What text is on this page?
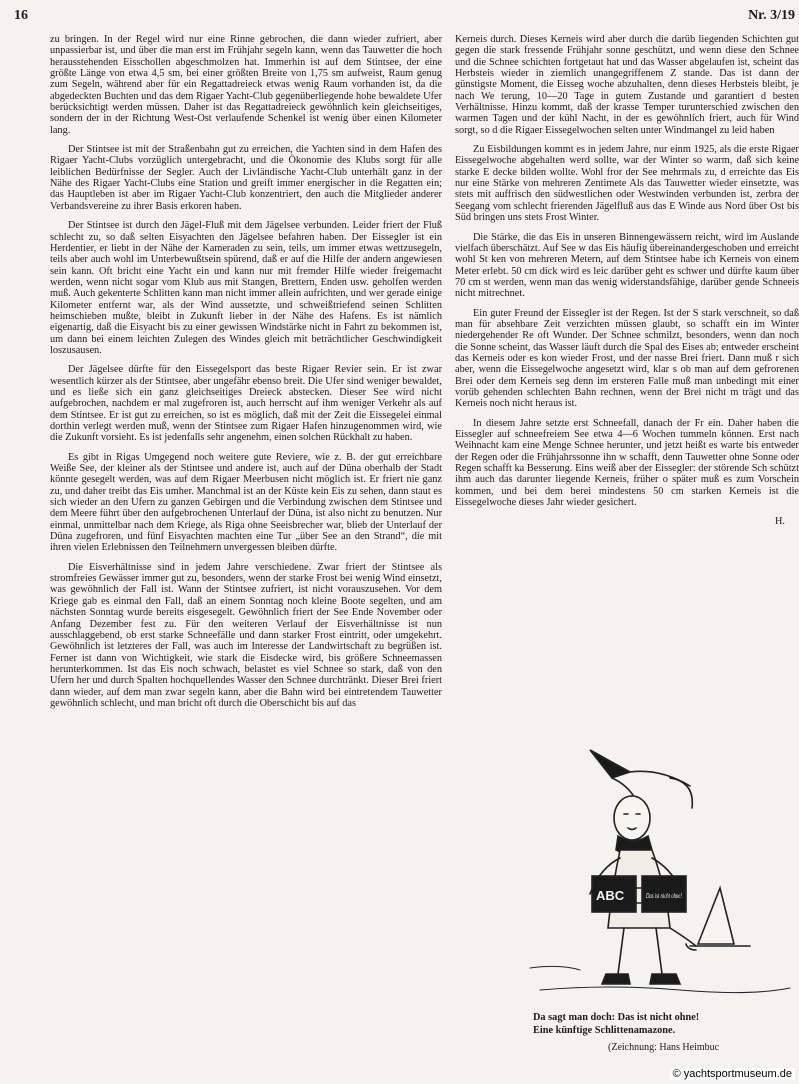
16	Nr. 3/19

zu bringen. In der Regel wird nur eine Rinne gebrochen, die dann wieder zufriert, aber unpassierbar ist, und über die man erst im Frühjahr segeln kann, wenn das Tauwetter die hoch herausstehenden Eisschollen abgeschmolzen hat. Immerhin ist auf dem Stintsee, der eine größte Länge von etwa 4,5 sm, bei einer größten Breite von 1,75 sm aufweist, Raum genug zum Segeln, während aber für ein Regattadreieck etwas wenig Raum vorhanden ist, da die abgedeckten Buchten und das dem Rigaer Yacht-Club gegenüberliegende hohe bewaldete Ufer berücksichtigt werden müssen. Daher ist das Regattadreieck gewöhnlich kein gleichseitiges, sondern der in der Richtung West-Ost verlaufende Schenkel ist wenig über einen Kilometer lang.

Der Stintsee ist mit der Straßenbahn gut zu erreichen, die Yachten sind in dem Hafen des Rigaer Yacht-Clubs vorzüglich untergebracht, und die Ökonomie des Klubs sorgt für alle leiblichen Bedürfnisse der Segler. Auch der Livländische Yacht-Club unterhält ganz in der Nähe des Rigaer Yacht-Clubs eine Station und greift immer energischer in die Regatten ein; das Hauptleben ist aber im Rigaer Yacht-Club konzentriert, den auch die Mitglieder anderer Verbandsvereine zu ihrer Basis erkoren haben.

Der Stintsee ist durch den Jägel-Fluß mit dem Jägelsee verbunden. Leider friert der Fluß schlecht zu, so daß selten Eisyachten den Jägelsee befahren haben. Der Eissegler ist ein Herdentier, er liebt in der Nähe der Kameraden zu sein, teils, um immer etwas wettzusegeln, teils aber auch wohl im Unterbewußtsein spürend, daß er auf die Hilfe der andern angewiesen sein kann. Oft bricht eine Yacht ein und kann nur mit fremder Hilfe wieder freigemacht werden, wenn nicht sogar vom Klub aus mit Stangen, Brettern, Enden usw. geholfen werden muß. Auch gekenterte Schlitten kann man nicht immer allein aufrichten, und wer gerade einige Kilometer entfernt war, als der Wind aussetzte, und schweißtriefend seinen Schlitten heimschieben mußte, bleibt in Zukunft lieber in der Nähe des Hafens. Es ist nämlich eigenartig, daß die Eisyacht bis zu einer gewissen Windstärke nicht in Fahrt zu bekommen ist, um dann bei einem leichten Zulegen des Windes gleich mit beträchtlicher Geschwindigkeit loszusausen.

Der Jägelsee dürfte für den Eissegelsport das beste Rigaer Revier sein. Er ist zwar wesentlich kürzer als der Stintsee, aber ungefähr ebenso breit. Die Ufer sind weniger bewaldet, und es ließe sich ein ganz gleichseitiges Dreieck abstecken. Dieser See wird nicht aufgebrochen, nachdem er mal zugefroren ist, auch herrscht auf ihm weniger Verkehr als auf dem Stintsee. Er ist gut zu erreichen, so ist es möglich, daß mit der Zeit die Eissegelei einmal dorthin verlegt werden muß, wenn der Stintsee zum Rigaer Hafen hinzugenommen wird, wie die Zukunft vorsieht. Es ist jedenfalls sehr angenehm, einen solchen Rückhalt zu haben.

Es gibt in Rigas Umgegend noch weitere gute Reviere, wie z. B. der gut erreichbare Weiße See, der kleiner als der Stintsee und andere ist, auch auf der Düna oberhalb der Stadt könnte gesegelt werden, was auf dem Rigaer Meerbusen nicht möglich ist. Er friert nie ganz zu, und daher treibt das Eis umher. Manchmal ist an der Küste kein Eis zu sehen, dann staut es sich wieder an den Ufern zu ganzen Gebirgen und die Verbindung zwischen dem Stintsee und dem Meere führt über den aufgebrochenen Unterlauf der Düna, ist also nicht zu benutzen. Nur einmal, unmittelbar nach dem Kriege, als Riga ohne Seeisbrecher war, blieb der Unterlauf der Düna zugefroren, und fünf Eisyachten machten eine Tur „über See an den Strand“, die mit ihren vielen Erlebnissen den Teilnehmern unvergessen bleiben dürfte.

Die Eisverhältnisse sind in jedem Jahre verschiedene. Zwar friert der Stintsee als stromfreies Gewässer immer gut zu, besonders, wenn der starke Frost bei wenig Wind einsetzt, was gewöhnlich der Fall ist. Wann der Stintsee zufriert, ist nicht vorauszusehen. Vor dem Kriege gab es einmal den Fall, daß an einem Sonntag noch kleine Boote segelten, und am nächsten Sonntag wurde bereits eisgesegelt. Gewöhnlich friert der See Ende November oder Anfang Dezember fest zu. Für den weiteren Verlauf der Eisverhältnisse ist nun ausschlaggebend, ob erst starke Schneefälle und dann starker Frost eintritt, oder umgekehrt. Gewöhnlich ist letzteres der Fall, was auch im Interesse der Landwirtschaft zu begrüßen ist. Ferner ist dann von Wichtigkeit, wie stark die Eisdecke wird, bis größere Schneemassen herunterkommen. Ist das Eis noch schwach, belastet es viel Schnee so stark, daß von den Ufern her und durch Spalten hochquellendes Wasser den Schnee durchtränkt. Dieser Brei friert dann wieder, auf dem man zwar segeln kann, aber die Bahn wird bei eintretendem Tauwetter gewöhnlich schlecht, und man bricht oft durch die Oberschicht bis auf das

Kerneis durch. Dieses Kerneis wird aber durch die darüb liegenden Schichten gut gegen die stark fressende Frühjahr sonne geschützt, und wenn diese den Schnee und die Schnee schichten fortgetaut hat und das Wasser abgelaufen ist, scheint das Herbsteis wieder in ziemlich unangegriffenem Z stande. Das ist dann der günstigste Moment, die Eisseg woche abzuhalten, denn dieses Herbsteis bleibt, je nach We terung, 10—20 Tage in gutem Zustande und garantiert d besten Verhältnisse. Hinzu kommt, daß der krasse Temper turunterschied zwischen den warmen Tagen und der kühl Nacht, in der es gewöhnlich friert, auch für Wind sorgt, so d die Rigaer Eissegelwochen selten unter Windmangel zu leid haben

Zu Eisbildungen kommt es in jedem Jahre, nur einm 1925, als die erste Rigaer Eissegelwoche abgehalten werd sollte, war der Winter so warm, daß sich keine starke E decke bilden wollte. Wohl fror der See mehrmals zu, d erreichte das Eis nur eine Stärke von mehreren Zentimete Als das Tauwetter wieder einsetzte, was stets mit auffrisch den südwestlichen oder Westwinden verbunden ist, zerbra der Seegang vom schlecht frierenden Jägelfluß aus das E Winde aus Nord über Ost bis Süd bringen uns stets Frost Winter.

Die Stärke, die das Eis in unseren Binnengewässern reicht, wird im Auslande vielfach überschätzt. Auf See w das Eis häufig übereinandergeschoben und erreicht wohl St ken von mehreren Metern, auf dem Stintsee habe ich Kerneis von einem Meter erlebt. 50 cm dick wird es leic darüber geht es schwer und dürfte kaum über 70 cm st werden, wenn man das wenig widerstandsfähige, darüber gende Schneeis nicht mitrechnet.

Ein guter Freund der Eissegler ist der Regen. Ist der S stark verschneit, so daß man für absehbare Zeit verzichten müssen glaubt, so schafft ein im Winter niedergehender Re oft Wunder. Der Schnee schmilzt, besonders, wenn dan noch die Sonne scheint, das Wasser läuft durch die Spal des Eises ab; entweder erscheint das Kerneis oder es kon wieder Frost, und der nasse Brei friert. Dann muß r sich aber, wenn die Eissegelwoche angesetzt wird, klar s ob man auf dem gefrorenen Brei oder dem Kerneis seg denn im ersteren Falle muß man unbedingt mit einer vorüb gehenden schlechten Bahn rechnen, wenn der Brei nicht m trägt und das Kerneis noch nicht heraus ist.

In diesem Jahre setzte erst Schneefall, danach der Fr ein. Daher haben die Eissegler auf schneefreiem See etwa 4—6 Wochen tummeln können. Erst nach Weihnacht kam eine Menge Schnee herunter, und jetzt heißt es warte bis entweder der Regen oder die Frühjahrssonne ihn w schafft, denn Tauwetter ohne Sonne oder Regen schafft ka Besserung. Eins weiß aber der Eissegler: der störende Sch schützt ihm auch das darunter liegende Kerneis, früher o später muß es zum Vorschein kommen, und bei dem berei mindestens 50 cm starken Kerneis ist die Eissegelwoche dieses Jahr wieder gesichert.

H.
ABC	Das ist nicht ohne!
Da sagt man doch: Das ist nicht ohne!
Eine künftige Schlittenamazone.
(Zeichnung: Hans Heimbuc
© yachtsportmuseum.de
